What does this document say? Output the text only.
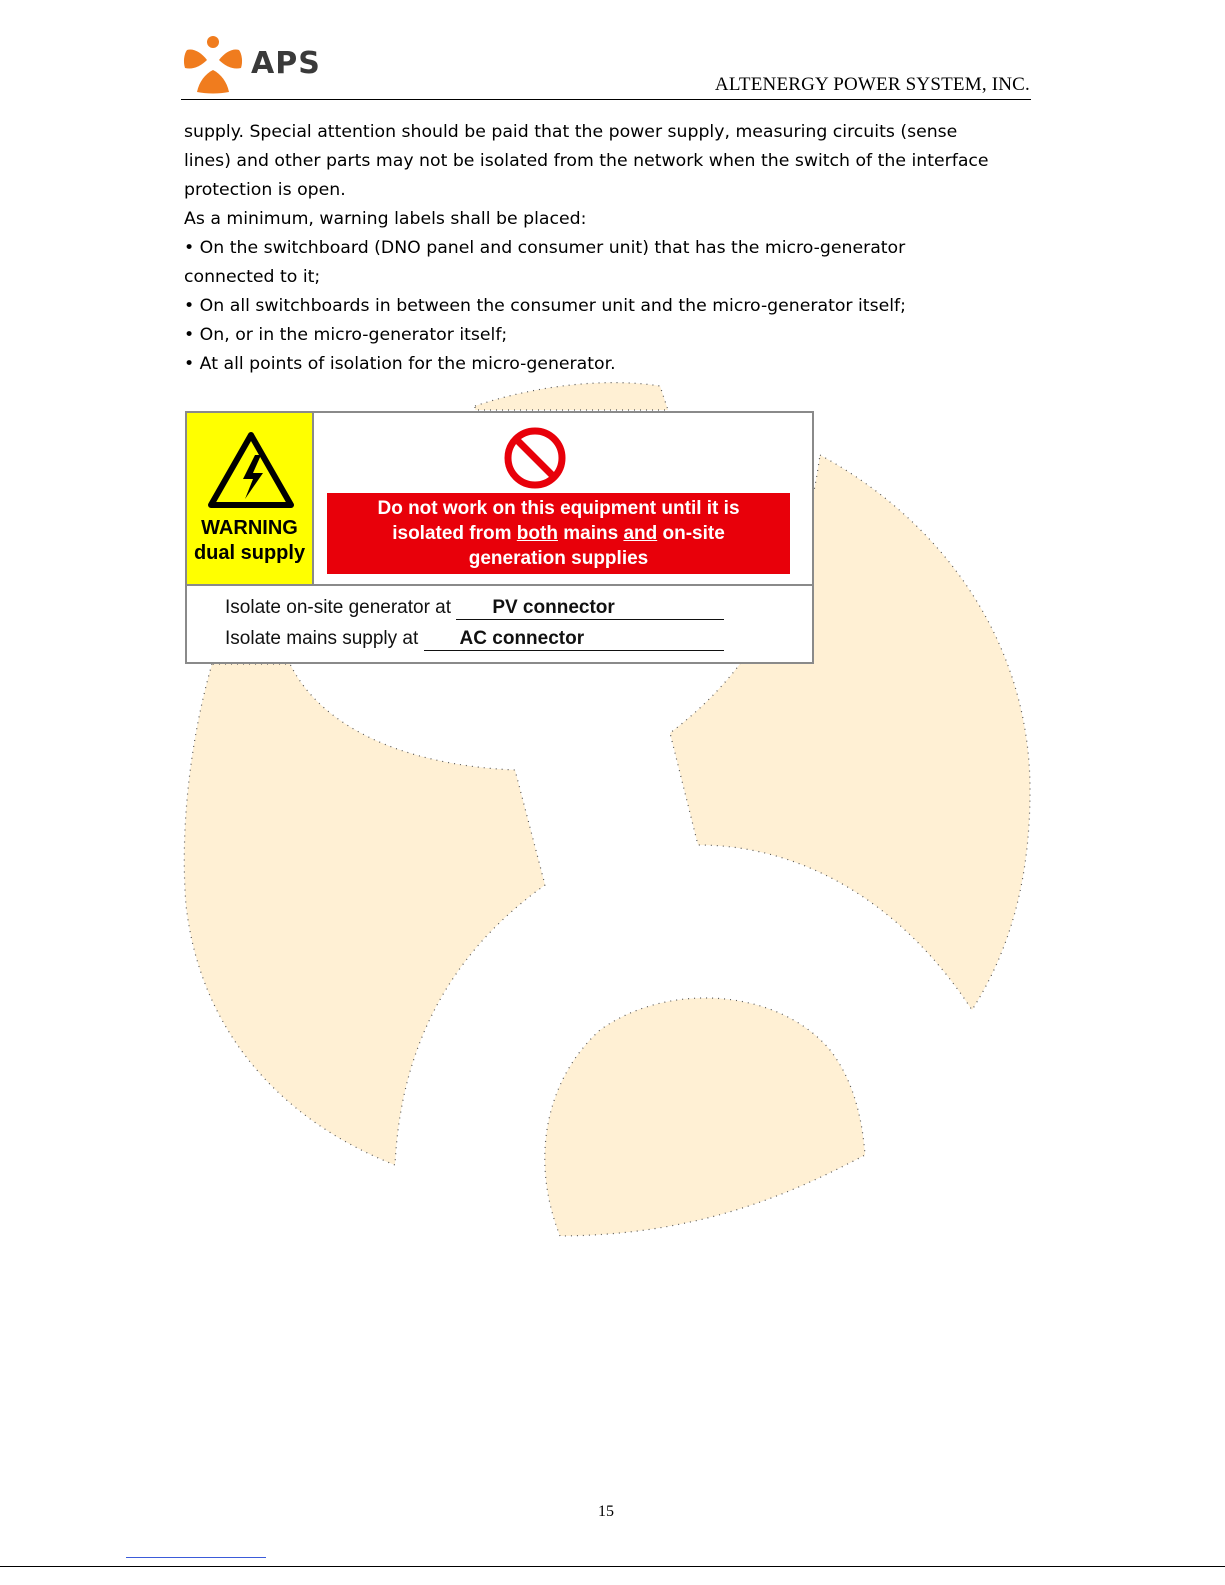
APS
ALTENERGY POWER SYSTEM, INC.

supply. Special attention should be paid that the power supply, measuring circuits (sense

lines) and other parts may not be isolated from the network when the switch of the interface

protection is open.

As a minimum, warning labels shall be placed:

• On the switchboard (DNO panel and consumer unit) that has the micro-generator

connected to it;

• On all switchboards in between the consumer unit and the micro-generator itself;

• On, or in the micro-generator itself;

• At all points of isolation for the micro-generator.

WARNING
dual supply
Do not work on this equipment until it is
isolated from both mains and on-site
generation supplies
Isolate on-site generator at PV connector
Isolate mains supply at AC connector
15
